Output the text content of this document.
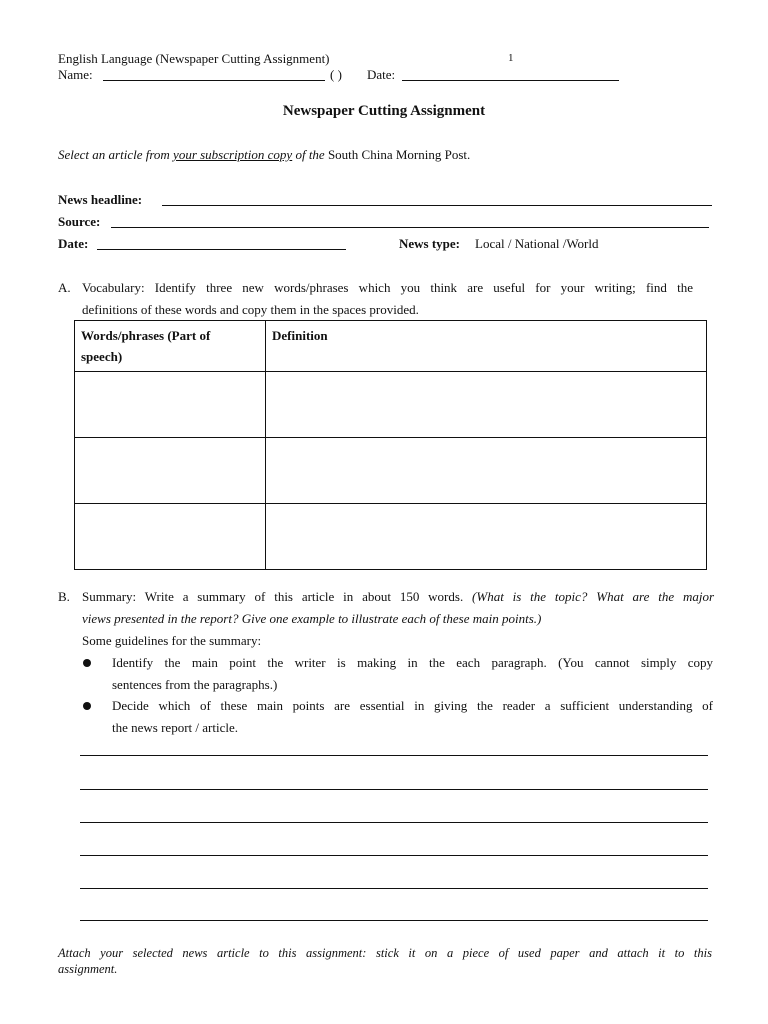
English Language (Newspaper Cutting Assignment)	1
Name:	( ) Date:
Newspaper Cutting Assignment
Select an article from your subscription copy of the South China Morning Post.
News headline:
Source:
Date:	News type: Local / National /World
A. Vocabulary: Identify three new words/phrases which you think are useful for your writing; find the
definitions of these words and copy them in the spaces provided.
Words/phrases (Part of
speech)	Definition

B. Summary: Write a summary of this article in about 150 words. (What is the topic? What are the major
views presented in the report? Give one example to illustrate each of these main points.)
Some guidelines for the summary:
Identify the main point the writer is making in the each paragraph. (You cannot simply copy
sentences from the paragraphs.)
Decide which of these main points are essential in giving the reader a sufficient understanding of
the news report / article.
Attach your selected news article to this assignment: stick it on a piece of used paper and attach it to this
assignment.
